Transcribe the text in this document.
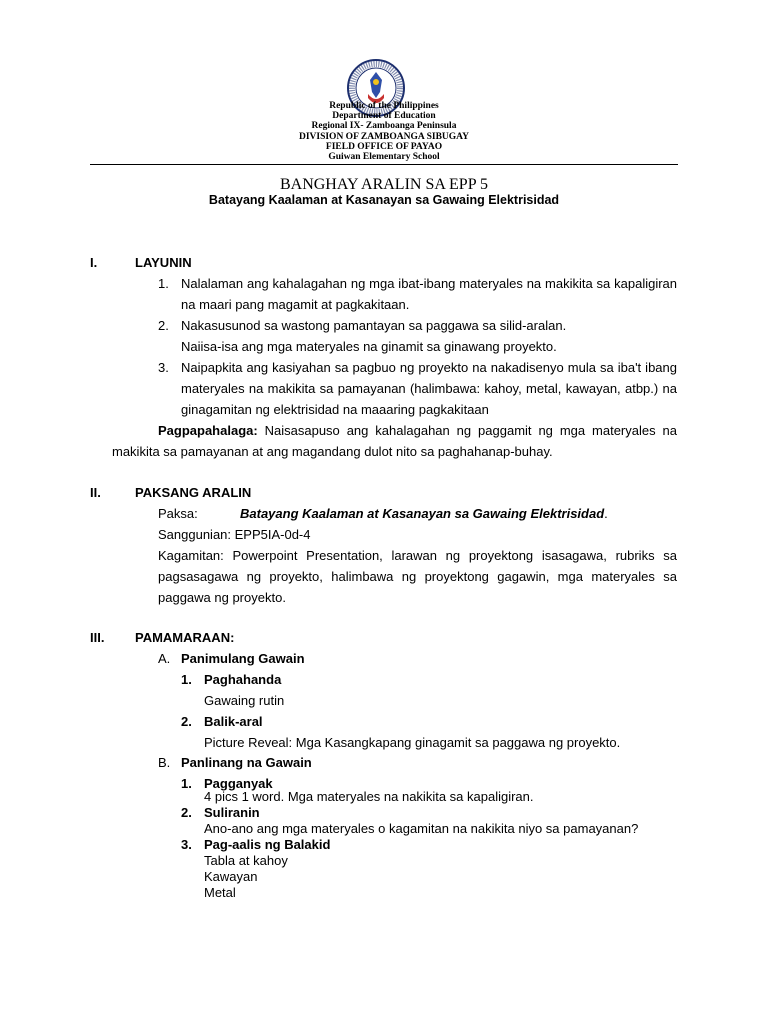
Republic of the Philippines
Department of Education
Regional IX- Zamboanga Peninsula
DIVISION OF ZAMBOANGA SIBUGAY
FIELD OFFICE OF PAYAO
Guiwan Elementary School
BANGHAY ARALIN SA EPP 5
Batayang Kaalaman at Kasanayan sa Gawaing Elektrisidad
I.	LAYUNIN
1. Nalalaman ang kahalagahan ng mga ibat-ibang materyales na makikita sa kapaligiran na maari pang magamit at pagkakitaan.
2. Nakasusunod sa wastong pamantayan sa paggawa sa silid-aralan.
Naiisa-isa ang mga materyales na ginamit sa ginawang proyekto.
3. Naipapkita ang kasiyahan sa pagbuo ng proyekto na nakadisenyo mula sa iba't ibang materyales na makikita sa pamayanan (halimbawa: kahoy, metal, kawayan, atbp.) na ginagamitan ng elektrisidad na maaaring pagkakitaan
Pagpapahalaga: Naisasapuso ang kahalagahan ng paggamit ng mga materyales na
makikita sa pamayanan at ang magandang dulot nito sa paghahanap-buhay.
II.	PAKSANG ARALIN
Paksa:	Batayang Kaalaman at Kasanayan sa Gawaing Elektrisidad.
Sanggunian: EPP5IA-0d-4
Kagamitan: Powerpoint Presentation, larawan ng proyektong isasagawa, rubriks sa pagsasagawa ng proyekto, halimbawa ng proyektong gagawin, mga materyales sa paggawa ng proyekto.
III. PAMAMARAAN:
A. Panimulang Gawain
1. Paghahanda
Gawaing rutin
2. Balik-aral
Picture Reveal: Mga Kasangkapang ginagamit sa paggawa ng proyekto.
B. Panlinang na Gawain
1. Pagganyak
4 pics 1 word. Mga materyales na nakikita sa kapaligiran.
2. Suliranin
Ano-ano ang mga materyales o kagamitan na nakikita niyo sa pamayanan?
3. Pag-aalis ng Balakid
Tabla at kahoy
Kawayan
Metal
